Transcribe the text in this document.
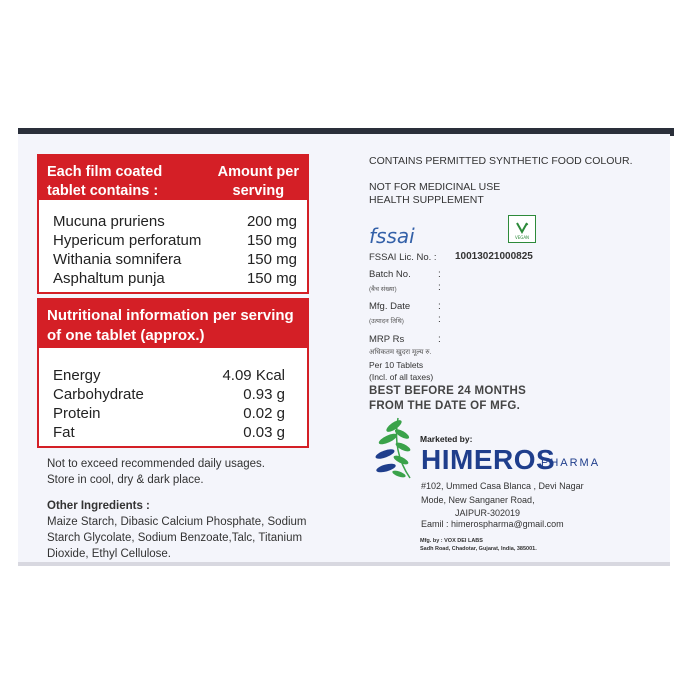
Each film coated
tablet contains :
Amount per
serving
Mucuna pruriens	200 mg
Hypericum perforatum	150 mg
Withania somnifera	150 mg
Asphaltum punja	150 mg
Nutritional information per serving
of one tablet (approx.)
Energy	4.09 Kcal
Carbohydrate	0.93 g
Protein	0.02 g
Fat	0.03 g
Not to exceed recommended daily usages.
Store in cool, dry & dark place.
Other Ingredients :
Maize Starch, Dibasic Calcium Phosphate, Sodium
Starch Glycolate, Sodium Benzoate,Talc, Titanium
Dioxide, Ethyl Cellulose.
CONTAINS PERMITTED SYNTHETIC FOOD COLOUR.
NOT FOR MEDICINAL USE
HEALTH SUPPLEMENT
fssai	VEGAN
FSSAI Lic. No. : 10013021000825
Batch No.	:
(बैच संख्या)	:
Mfg. Date	:
(उत्पादन तिथि)	:
MRP Rs	:
अधिकतम खुदरा मूल्य रु.
Per 10 Tablets
(Incl. of all taxes)
BEST BEFORE 24 MONTHS
FROM THE DATE OF MFG.
Marketed by:
HIMEROS
PHARMA
#102, Ummed Casa Blanca , Devi Nagar
Mode, New Sanganer Road,
JAIPUR-302019
Eamil : himerospharma@gmail.com
Mfg. by : VOX DEI LABS
Sadh Road, Chadotar, Gujarat, India, 385001.
